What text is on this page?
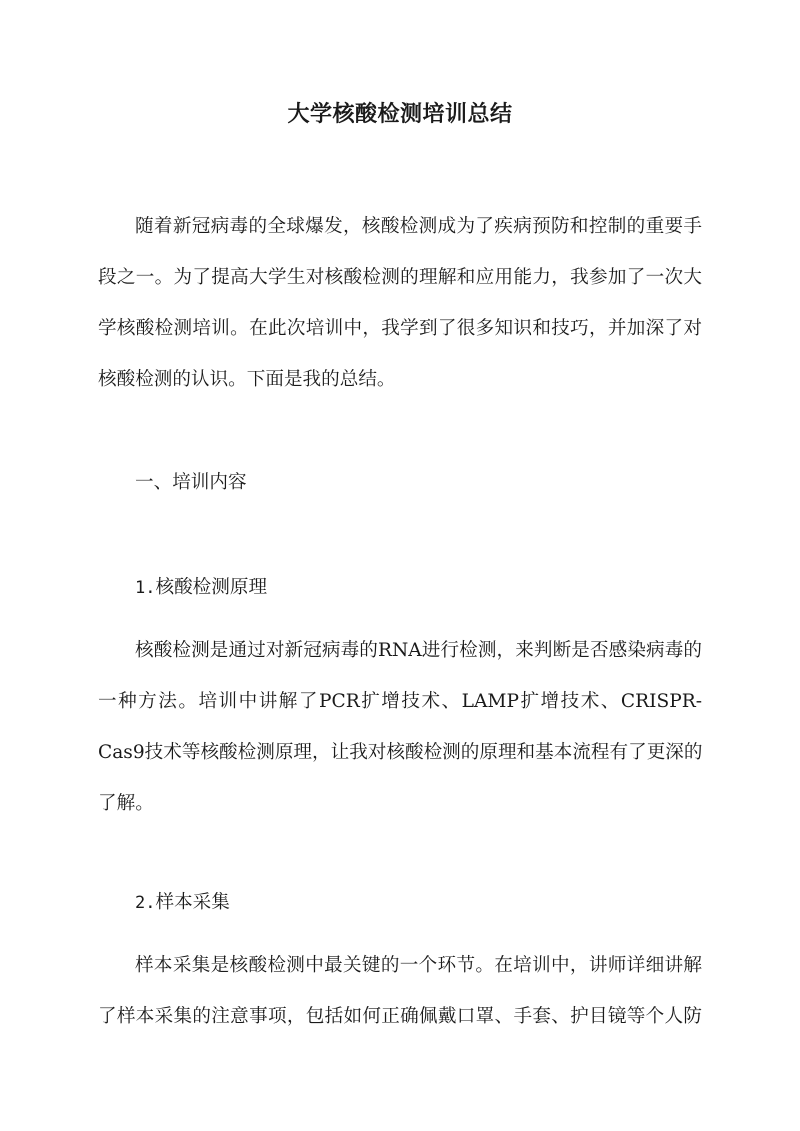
大学核酸检测培训总结
随着新冠病毒的全球爆发，核酸检测成为了疾病预防和控制的重要手
段之一。为了提高大学生对核酸检测的理解和应用能力，我参加了一次大
学核酸检测培训。在此次培训中，我学到了很多知识和技巧，并加深了对
核酸检测的认识。下面是我的总结。
一、培训内容
1.核酸检测原理
核酸检测是通过对新冠病毒的RNA进行检测，来判断是否感染病毒的
一种方法。培训中讲解了PCR扩增技术、LAMP扩增技术、CRISPR-
Cas9技术等核酸检测原理，让我对核酸检测的原理和基本流程有了更深的
了解。
2.样本采集
样本采集是核酸检测中最关键的一个环节。在培训中，讲师详细讲解
了样本采集的注意事项，包括如何正确佩戴口罩、手套、护目镜等个人防
